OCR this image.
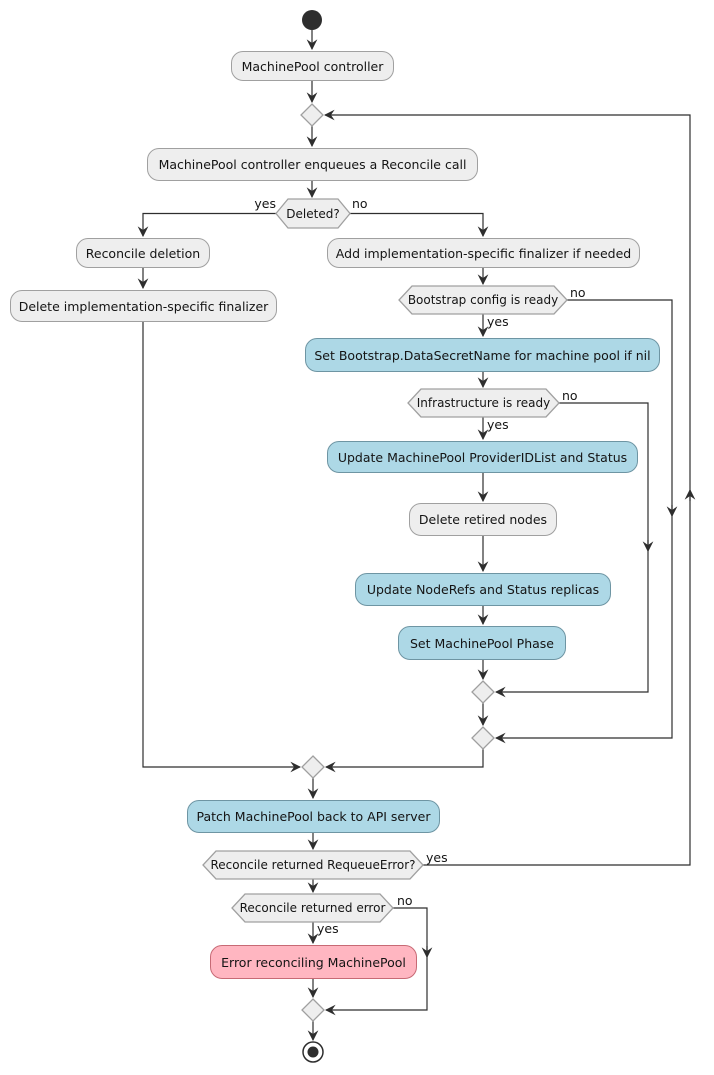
MachinePool controller
MachinePool controller enqueues a Reconcile call
Reconcile deletion
Delete implementation-specific finalizer
Add implementation-specific finalizer if needed
Set Bootstrap.DataSecretName for machine pool if nil
Update MachinePool ProviderIDList and Status
Delete retired nodes
Update NodeRefs and Status replicas
Set MachinePool Phase
Patch MachinePool back to API server
Error reconciling MachinePool
Deleted?
Bootstrap config is ready
Infrastructure is ready
Reconcile returned RequeueError?
Reconcile returned error
yes	no
no
yes
no
yes
yes
no
yes
